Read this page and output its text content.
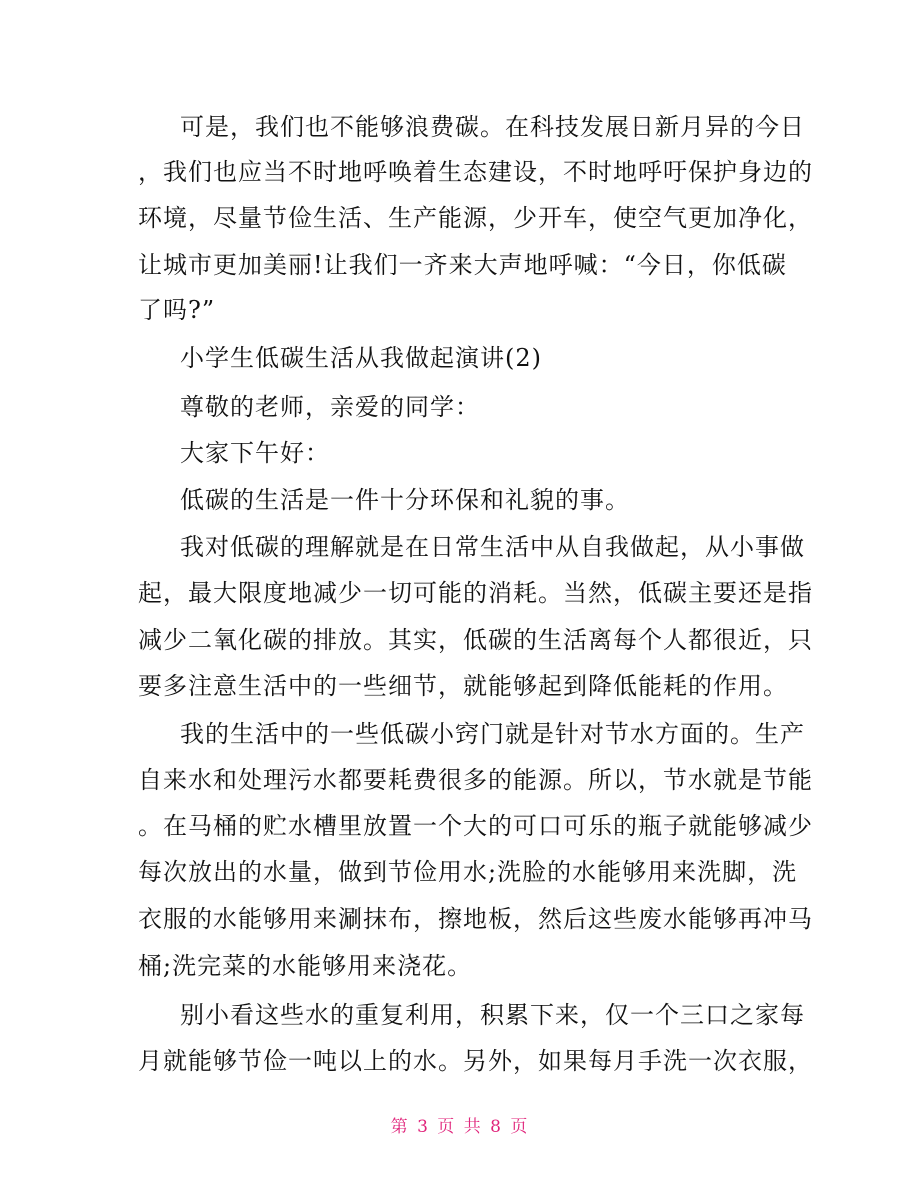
可是，我们也不能够浪费碳。在科技发展日新月异的今日
，我们也应当不时地呼唤着生态建设，不时地呼吁保护身边的
环境，尽量节俭生活、生产能源，少开车，使空气更加净化，
让城市更加美丽!让我们一齐来大声地呼喊：“今日，你低碳
了吗?”
小学生低碳生活从我做起演讲(2)
尊敬的老师，亲爱的同学：
大家下午好：
低碳的生活是一件十分环保和礼貌的事。
我对低碳的理解就是在日常生活中从自我做起，从小事做
起，最大限度地减少一切可能的消耗。当然，低碳主要还是指
减少二氧化碳的排放。其实，低碳的生活离每个人都很近，只
要多注意生活中的一些细节，就能够起到降低能耗的作用。
我的生活中的一些低碳小窍门就是针对节水方面的。生产
自来水和处理污水都要耗费很多的能源。所以，节水就是节能
。在马桶的贮水槽里放置一个大的可口可乐的瓶子就能够减少
每次放出的水量，做到节俭用水;洗脸的水能够用来洗脚，洗
衣服的水能够用来涮抹布，擦地板，然后这些废水能够再冲马
桶;洗完菜的水能够用来浇花。
别小看这些水的重复利用，积累下来，仅一个三口之家每
月就能够节俭一吨以上的水。另外，如果每月手洗一次衣服，
第 3 页 共 8 页
